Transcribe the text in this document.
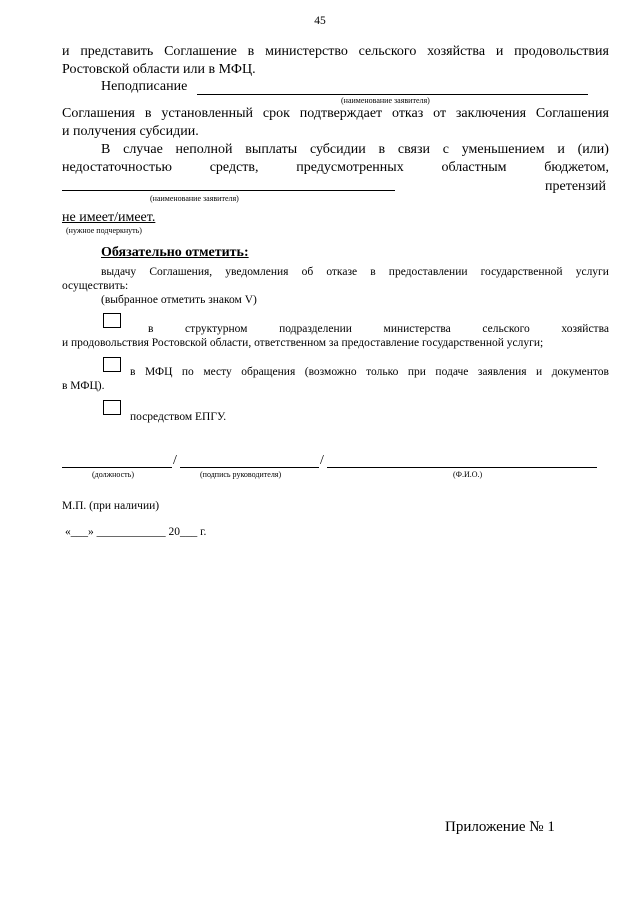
45
и представить Соглашение в министерство сельского хозяйства и продовольствия
Ростовской области или в МФЦ.
Неподписание
(наименование заявителя)
Соглашения в установленный срок подтверждает отказ от заключения Соглашения
и получения субсидии.
В случае неполной выплаты субсидии в связи с уменьшением и (или)
недостаточностью	средств,	предусмотренных	областным	бюджетом,
претензий
(наименование заявителя)
не имеет/имеет.
(нужное подчеркнуть)
Обязательно отметить:
выдачу Соглашения, уведомления об отказе в предоставлении государственной услуги
осуществить:
(выбранное отметить знаком V)
в	структурном	подразделении	министерства	сельского	хозяйства
и продовольствия Ростовской области, ответственном за предоставление государственной услуги;
в МФЦ по месту обращения (возможно только при подаче заявления и документов
в МФЦ).
посредством ЕПГУ.
/	/
(должность)	(подпись руководителя)	(Ф.И.О.)
М.П. (при наличии)
«___» ____________ 20___ г.
Приложение № 1
